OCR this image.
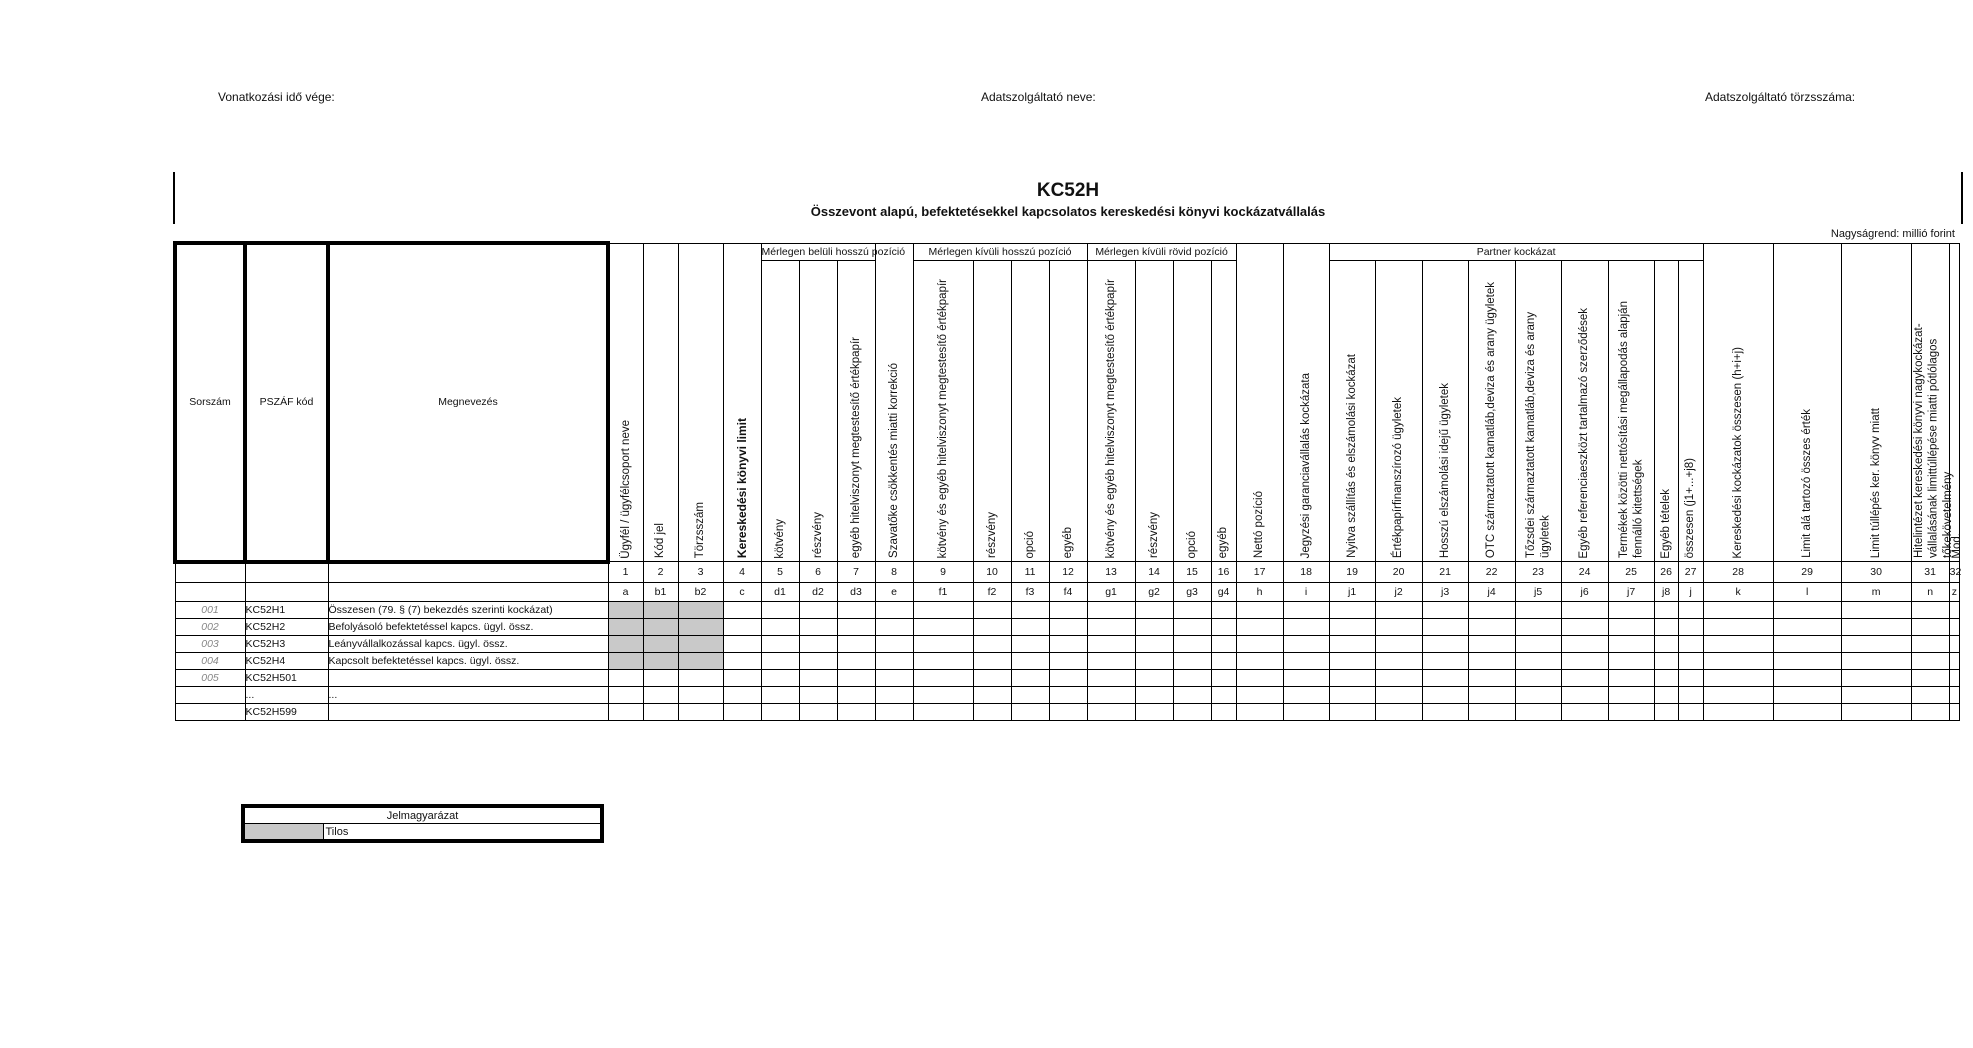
Vonatkozási idő vége:	Adatszolgáltató neve:	Adatszolgáltató törzsszáma:
KC52H
Összevont alapú, befektetésekkel kapcsolatos kereskedési könyvi kockázatvállalás
Nagyságrend: millió forint
Sorszám	PSZÁF kód	Megnevezés	Ügyfél / ügyfélcsoport neve	Kód jel	Törzsszám	Kereskedési könyvi limit	Mérlegen belüli hosszú pozíció			Szavatőke csökkentés miatti korrekció	Mérlegen kívüli hosszú pozíció				Mérlegen kívüli rövid pozíció				Nettó pozíció	Jegyzési garanciavállalás kockázata	Partner kockázat									Kereskedési kockázatok összesen (h+i+j)	Limit alá tartozó összes érték	Limit túllépés ker. könyv miatt	Hitelintézet kereskedési könyvi nagykockázat-vállalásának limittúllépése miatti pótlólagos tőkekövetelmény	Mod.
							kötvény	részvény	egyéb hitelviszonyt megtestesítő értékpapír		kötvény és egyéb hitelviszonyt megtestesítő értékpapír	részvény	opció	egyéb	kötvény és egyéb hitelviszonyt megtestesítő értékpapír	részvény	opció	egyéb			Nyitva szállítás és elszámolási kockázat	Értékpapírfinanszírozó ügyletek	Hosszú elszámolási idejű ügyletek	OTC származtatott kamatláb,deviza és arany ügyletek	Tőzsdei származtatott kamatláb,deviza és arany ügyletek	Egyéb referenciaeszközt tartalmazó szerződések	Termékek közötti nettósítási megállapodás alapján fennálló kitettségek	Egyéb tételek	összesen (j1+...+j8)					
			1	2	3	4	5	6	7	8	9	10	11	12	13	14	15	16	17	18	19	20	21	22	23	24	25	26	27	28	29	30	31	32
			a	b1	b2	c	d1	d2	d3	e	f1	f2	f3	f4	g1	g2	g3	g4	h	i	j1	j2	j3	j4	j5	j6	j7	j8	j	k	l	m	n	z
001	KC52H1	Összesen (79. § (7) bekezdés szerinti kockázat)																																
002	KC52H2	Befolyásoló befektetéssel kapcs. ügyl. össz.																																
003	KC52H3	Leányvállalkozással kapcs. ügyl. össz.																																
004	KC52H4	Kapcsolt befektetéssel kapcs. ügyl. össz.																																
005	KC52H501																																	
	...	...																																
	KC52H599																																	
Jelmagyarázat
	Tilos
